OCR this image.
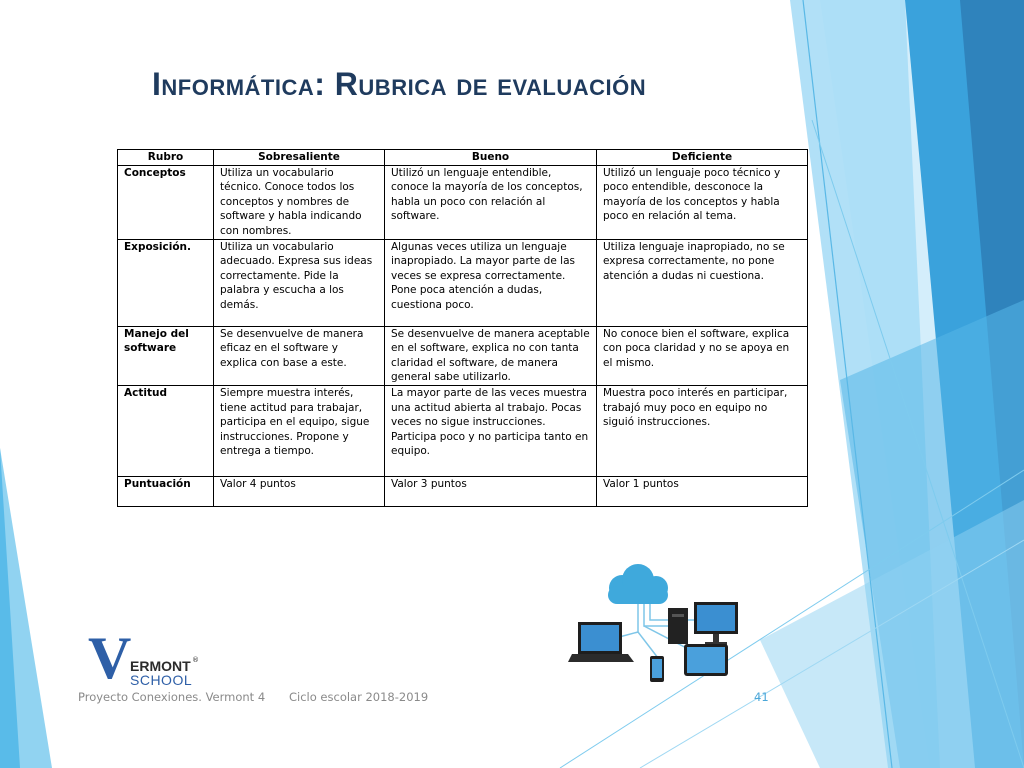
Informática: Rubrica de evaluación
Rubro	Sobresaliente	Bueno	Deficiente
Conceptos	Utiliza un vocabulario técnico. Conoce todos los conceptos y nombres de software y habla indicando con nombres.	Utilizó un lenguaje entendible, conoce la mayoría de los conceptos, habla un poco con relación al software.	Utilizó un lenguaje poco técnico y poco entendible, desconoce la mayoría de los conceptos y habla poco en relación al tema.
Exposición.	Utiliza un vocabulario adecuado. Expresa sus ideas correctamente. Pide la palabra y escucha a los demás.	Algunas veces utiliza un lenguaje inapropiado. La mayor parte de las veces se expresa correctamente. Pone poca atención a dudas, cuestiona poco.	Utiliza lenguaje inapropiado, no se expresa correctamente, no pone atención a dudas ni cuestiona.
Manejo del software	Se desenvuelve de manera eficaz en el software y explica con base a este.	Se desenvuelve de manera aceptable en el software, explica no con tanta claridad el software, de manera general sabe utilizarlo.	No conoce bien el software, explica con poca claridad y no se apoya en el mismo.
Actitud	Siempre muestra interés, tiene actitud para trabajar, participa en el equipo, sigue instrucciones. Propone y entrega a tiempo.	La mayor parte de las veces muestra una actitud abierta al trabajo. Pocas veces no sigue instrucciones. Participa poco y no participa tanto en equipo.	Muestra poco interés en participar, trabajó muy poco en equipo no siguió instrucciones.
Puntuación	Valor 4 puntos	Valor 3 puntos	Valor 1 puntos
V
ERMONT ®
SCHOOL
Proyecto Conexiones. Vermont 4 Ciclo escolar 2018-2019	41
